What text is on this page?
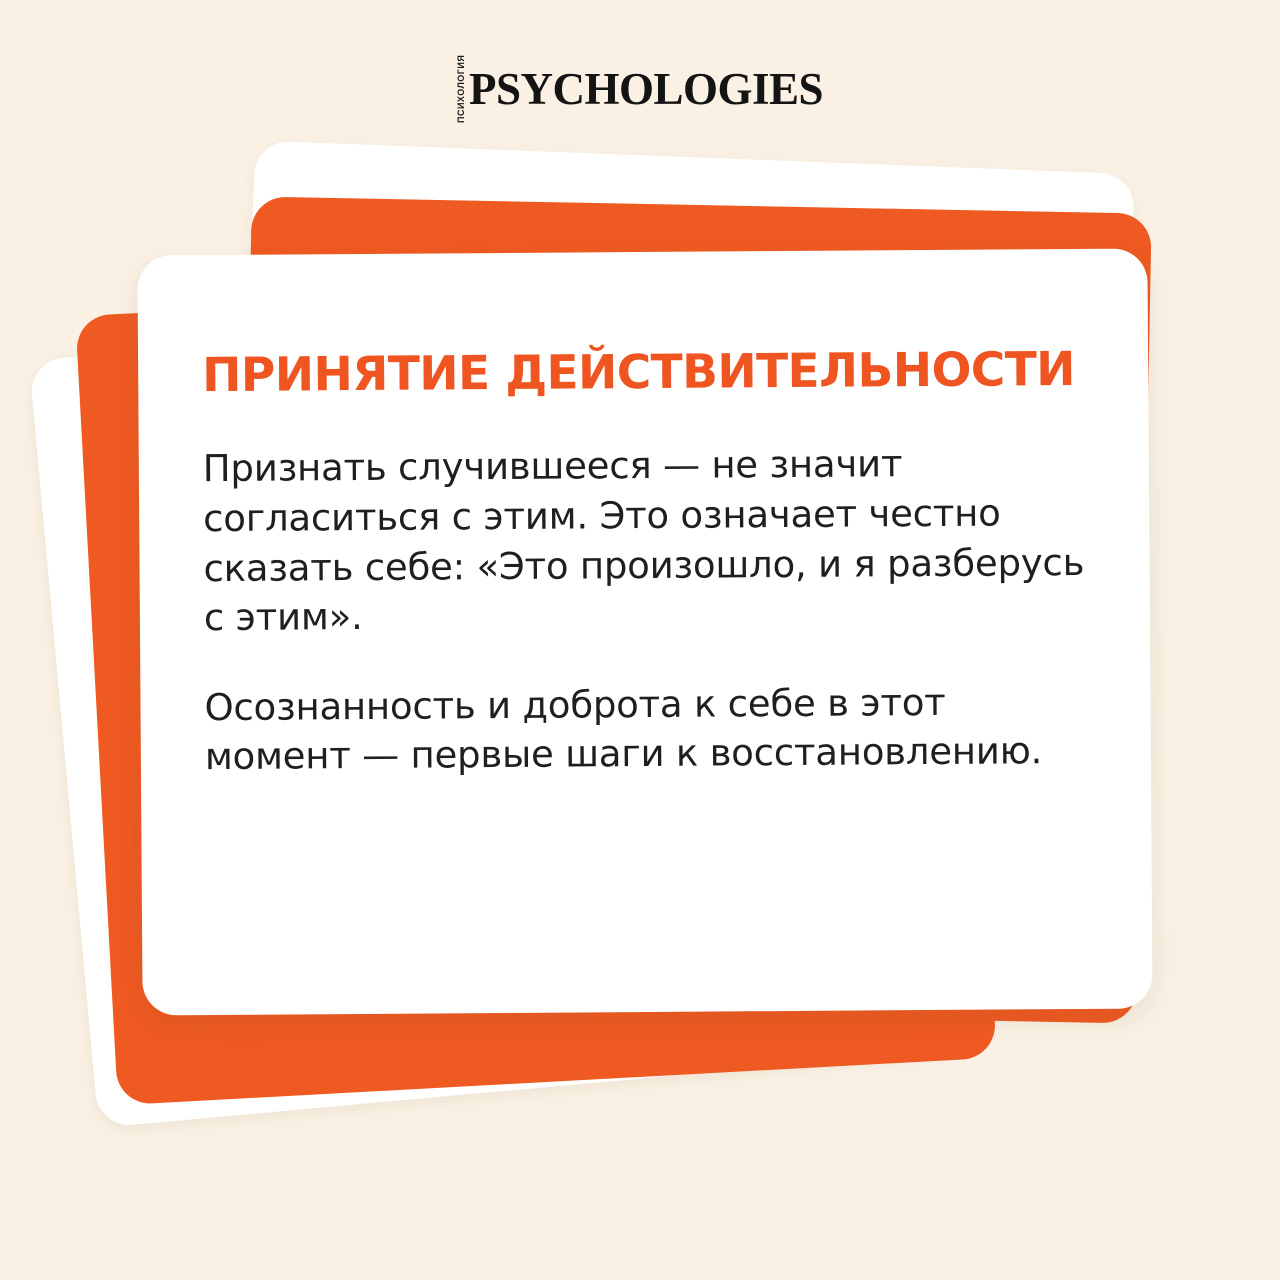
ПСИХОЛОГИЯ PSYCHOLOGIES
ПРИНЯТИЕ ДЕЙСТВИТЕЛЬНОСТИ

Признать случившееся — не значит согласиться с этим. Это означает честно сказать себе: «Это произошло, и я разберусь с этим».

Осознанность и доброта к себе в этот момент — первые шаги к восстановлению.
